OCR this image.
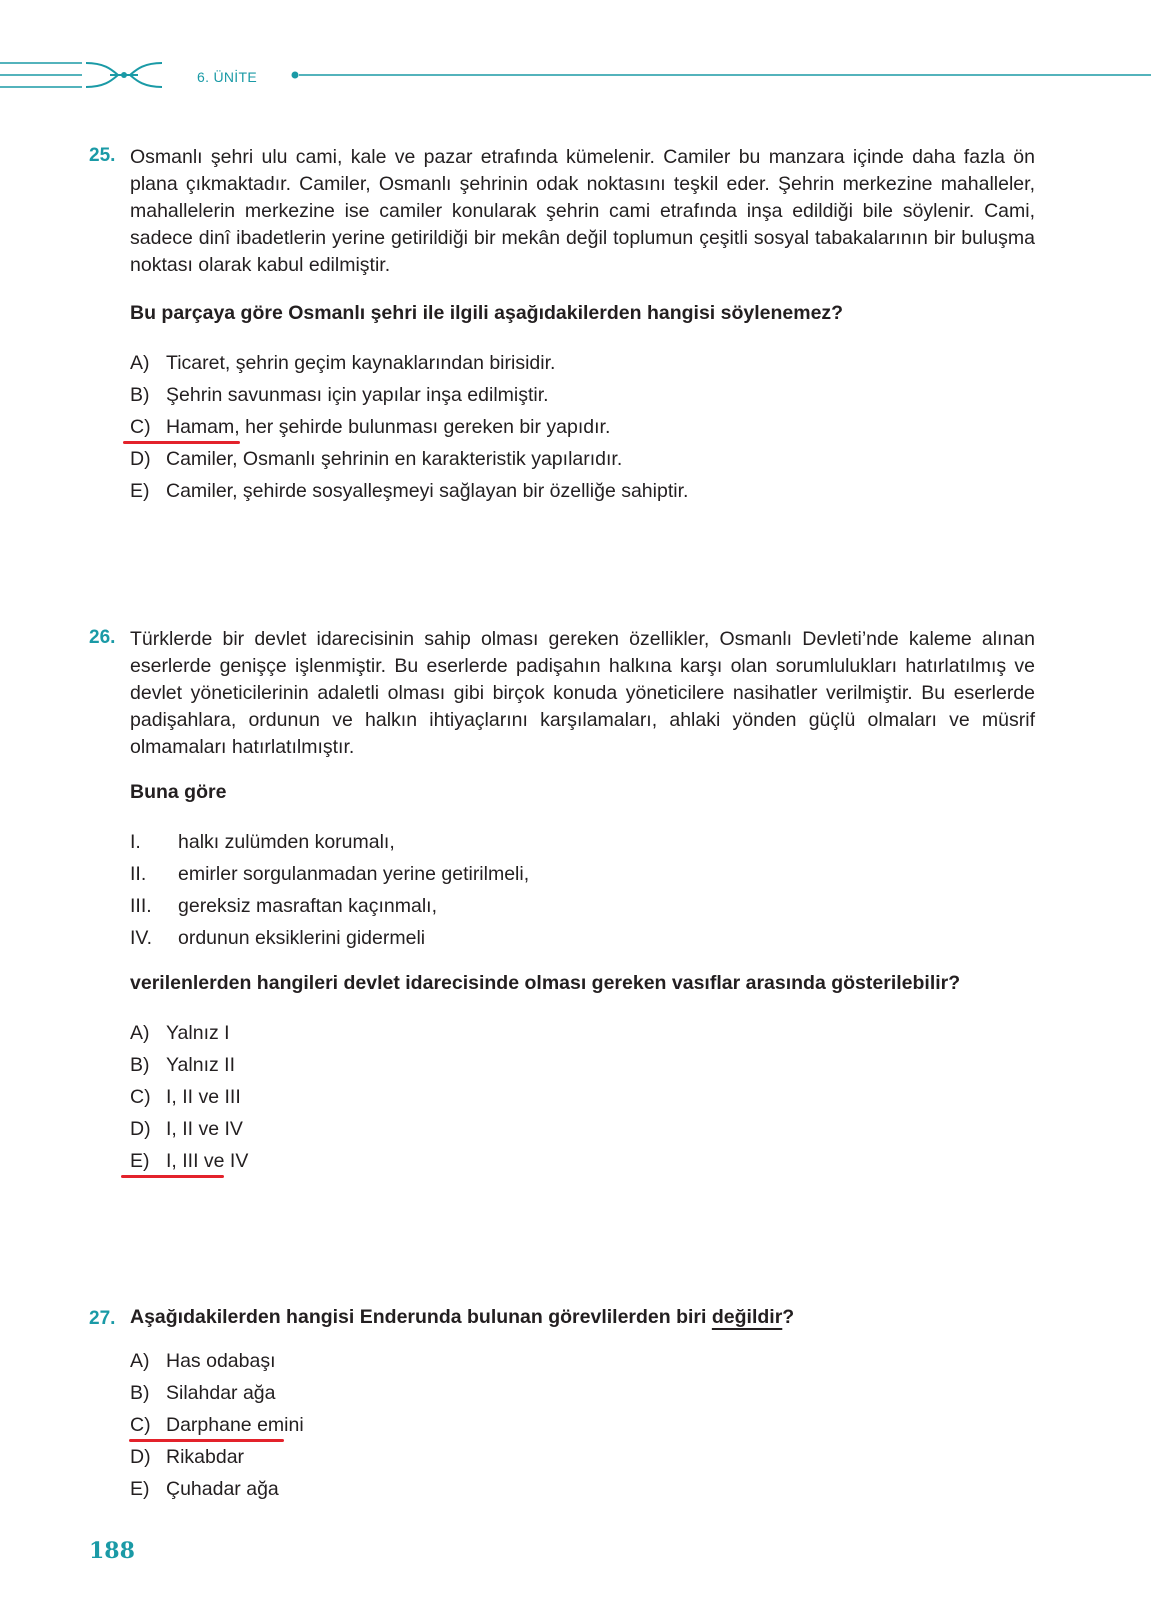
6. ÜNİTE
25. Osmanlı şehri ulu cami, kale ve pazar etrafında kümelenir. Camiler bu manzara içinde daha fazla ön plana çıkmaktadır. Camiler, Osmanlı şehrinin odak noktasını teşkil eder. Şehrin merkezine mahalleler, mahallelerin merkezine ise camiler konularak şehrin cami etrafında inşa edildiği bile söylenir. Cami, sadece dinî ibadetlerin yerine getirildiği bir mekân değil toplumun çeşitli sosyal tabakalarının bir buluşma noktası olarak kabul edilmiştir.
Bu parçaya göre Osmanlı şehri ile ilgili aşağıdakilerden hangisi söylenemez?
A) Ticaret, şehrin geçim kaynaklarından birisidir.
B) Şehrin savunması için yapılar inşa edilmiştir.
C) Hamam, her şehirde bulunması gereken bir yapıdır.
D) Camiler, Osmanlı şehrinin en karakteristik yapılarıdır.
E) Camiler, şehirde sosyalleşmeyi sağlayan bir özelliğe sahiptir.
26. Türklerde bir devlet idarecisinin sahip olması gereken özellikler, Osmanlı Devleti’nde kaleme alınan eserlerde genişçe işlenmiştir. Bu eserlerde padişahın halkına karşı olan sorumlulukları hatırlatılmış ve devlet yöneticilerinin adaletli olması gibi birçok konuda yöneticilere nasihatler verilmiştir. Bu eserlerde padişahlara, ordunun ve halkın ihtiyaçlarını karşılamaları, ahlaki yönden güçlü olmaları ve müsrif olmamaları hatırlatılmıştır.
Buna göre
I. halkı zulümden korumalı,
II. emirler sorgulanmadan yerine getirilmeli,
III. gereksiz masraftan kaçınmalı,
IV. ordunun eksiklerini gidermeli
verilenlerden hangileri devlet idarecisinde olması gereken vasıflar arasında gösterilebilir?
A) Yalnız I
B) Yalnız II
C) I, II ve III
D) I, II ve IV
E) I, III ve IV
27. Aşağıdakilerden hangisi Enderunda bulunan görevlilerden biri değildir?
A) Has odabaşı
B) Silahdar ağa
C) Darphane emini
D) Rikabdar
E) Çuhadar ağa
188
